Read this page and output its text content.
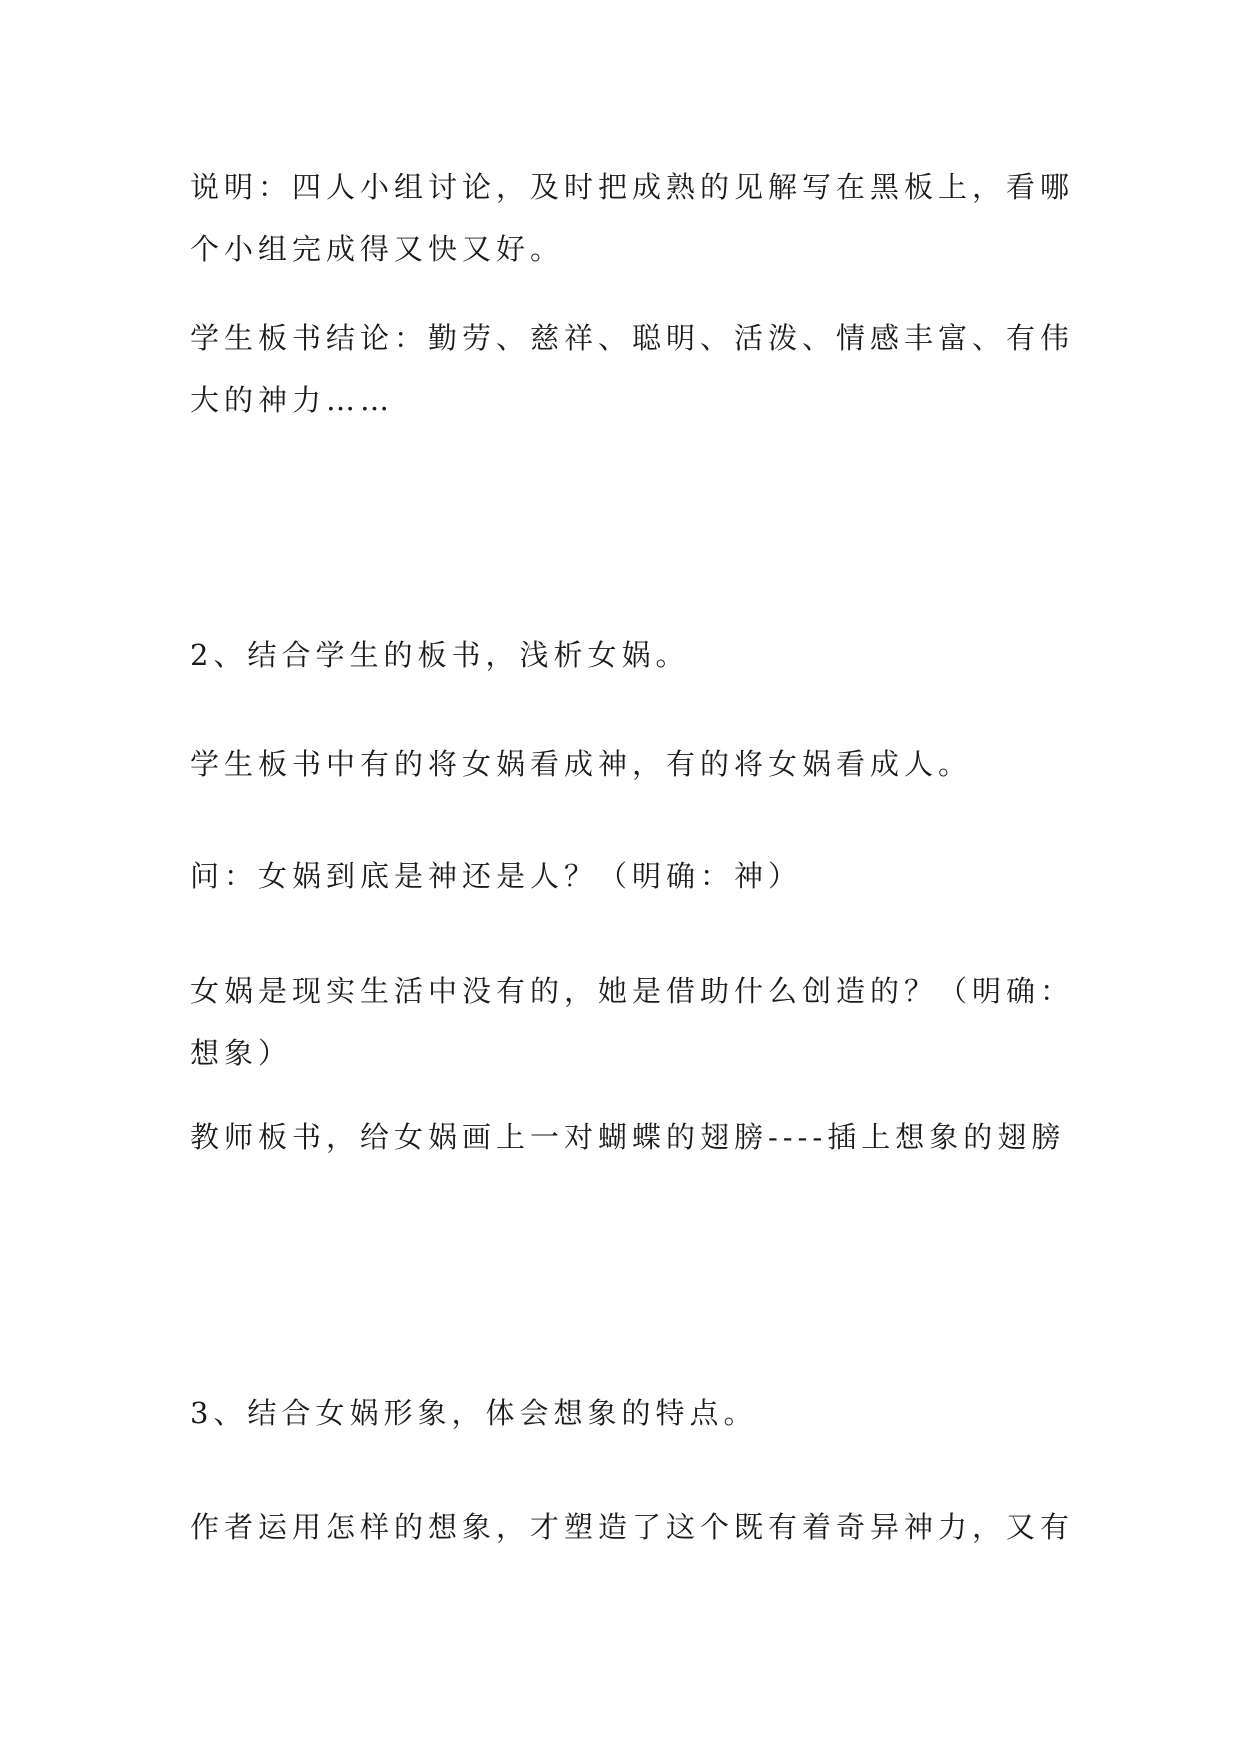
说明：四人小组讨论，及时把成熟的见解写在黑板上，看哪
个小组完成得又快又好。

学生板书结论：勤劳、慈祥、聪明、活泼、情感丰富、有伟
大的神力……

2、结合学生的板书，浅析女娲。

学生板书中有的将女娲看成神，有的将女娲看成人。

问：女娲到底是神还是人？（明确：神）

女娲是现实生活中没有的，她是借助什么创造的？（明确：
想象）

教师板书，给女娲画上一对蝴蝶的翅膀----插上想象的翅膀

3、结合女娲形象，体会想象的特点。

作者运用怎样的想象，才塑造了这个既有着奇异神力，又有
